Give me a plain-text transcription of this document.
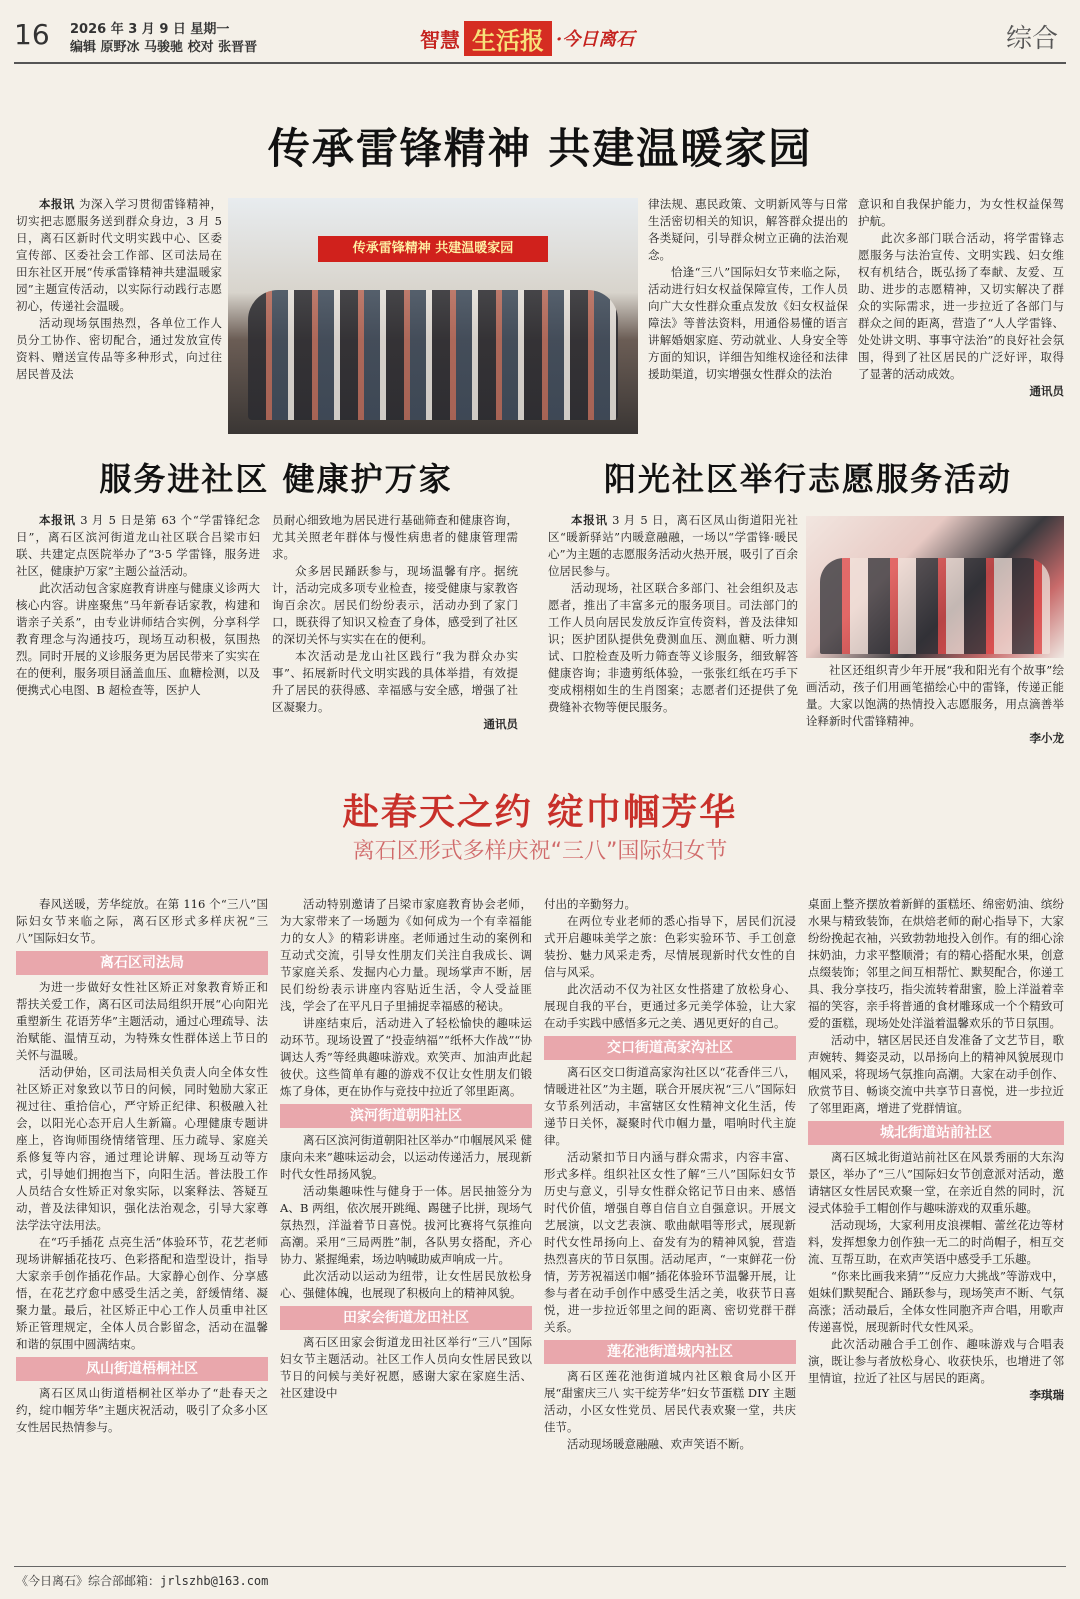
16 2026 年 3 月 9 日 星期一
编辑 原野冰 马骏驰 校对 张晋晋	智慧 生活报 ·今日离石	综合
传承雷锋精神 共建温暖家园

本报讯 为深入学习贯彻雷锋精神，切实把志愿服务送到群众身边，3 月 5 日，离石区新时代文明实践中心、区委宣传部、区委社会工作部、区司法局在田东社区开展“传承雷锋精神共建温暖家园”主题宣传活动，以实际行动践行志愿初心，传递社会温暖。

活动现场氛围热烈，各单位工作人员分工协作、密切配合，通过发放宣传资料、赠送宣传品等多种形式，向过往居民普及法

传承雷锋精神 共建温暖家园

律法规、惠民政策、文明新风等与日常生活密切相关的知识，解答群众提出的各类疑问，引导群众树立正确的法治观念。

恰逢“三八”国际妇女节来临之际，活动进行妇女权益保障宣传，工作人员向广大女性群众重点发放《妇女权益保障法》等普法资料，用通俗易懂的语言讲解婚姻家庭、劳动就业、人身安全等方面的知识，详细告知维权途径和法律援助渠道，切实增强女性群众的法治

意识和自我保护能力，为女性权益保驾护航。

此次多部门联合活动，将学雷锋志愿服务与法治宣传、文明实践、妇女维权有机结合，既弘扬了奉献、友爱、互助、进步的志愿精神，又切实解决了群众的实际需求，进一步拉近了各部门与群众之间的距离，营造了“人人学雷锋、处处讲文明、事事守法治”的良好社会氛围，得到了社区居民的广泛好评，取得了显著的活动成效。

通讯员
服务进社区 健康护万家

本报讯 3 月 5 日是第 63 个“学雷锋纪念日”，离石区滨河街道龙山社区联合吕梁市妇联、共建定点医院举办了“3·5 学雷锋，服务进社区，健康护万家”主题公益活动。

此次活动包含家庭教育讲座与健康义诊两大核心内容。讲座聚焦“马年新春话家教，构建和谐亲子关系”，由专业讲师结合实例，分享科学教育理念与沟通技巧，现场互动积极，氛围热烈。同时开展的义诊服务更为居民带来了实实在在的便利，服务项目涵盖血压、血糖检测，以及便携式心电图、B 超检查等，医护人

员耐心细致地为居民进行基础筛查和健康咨询，尤其关照老年群体与慢性病患者的健康管理需求。

众多居民踊跃参与，现场温馨有序。据统计，活动完成多项专业检查，接受健康与家教咨询百余次。居民们纷纷表示，活动办到了家门口，既获得了知识又检查了身体，感受到了社区的深切关怀与实实在在的便利。

本次活动是龙山社区践行“我为群众办实事”、拓展新时代文明实践的具体举措，有效提升了居民的获得感、幸福感与安全感，增强了社区凝聚力。

通讯员
阳光社区举行志愿服务活动

本报讯 3 月 5 日，离石区凤山街道阳光社区“暖新驿站”内暖意融融，一场以“学雷锋·暖民心”为主题的志愿服务活动火热开展，吸引了百余位居民参与。

活动现场，社区联合多部门、社会组织及志愿者，推出了丰富多元的服务项目。司法部门的工作人员向居民发放反诈宣传资料，普及法律知识；医护团队提供免费测血压、测血糖、听力测试、口腔检查及听力筛查等义诊服务，细致解答健康咨询；非遗剪纸体验，一张张红纸在巧手下变成栩栩如生的生肖图案；志愿者们还提供了免费缝补衣物等便民服务。

社区还组织青少年开展“我和阳光有个故事”绘画活动，孩子们用画笔描绘心中的雷锋，传递正能量。大家以饱满的热情投入志愿服务，用点滴善举诠释新时代雷锋精神。

李小龙
赴春天之约 绽巾帼芳华
离石区形式多样庆祝“三八”国际妇女节

春风送暖，芳华绽放。在第 116 个“三八”国际妇女节来临之际，离石区形式多样庆祝“三八”国际妇女节。

离石区司法局

为进一步做好女性社区矫正对象教育矫正和帮扶关爱工作，离石区司法局组织开展“心向阳光 重塑新生 花语芳华”主题活动，通过心理疏导、法治赋能、温情互动，为特殊女性群体送上节日的关怀与温暖。

活动伊始，区司法局相关负责人向全体女性社区矫正对象致以节日的问候，同时勉励大家正视过往、重拾信心，严守矫正纪律、积极融入社会，以阳光心态开启人生新篇。心理健康专题讲座上，咨询师围绕情绪管理、压力疏导、家庭关系修复等内容，通过理论讲解、现场互动等方式，引导她们拥抱当下，向阳生活。普法股工作人员结合女性矫正对象实际，以案释法、答疑互动，普及法律知识，强化法治观念，引导大家尊法学法守法用法。

在“巧手插花 点亮生活”体验环节，花艺老师现场讲解插花技巧、色彩搭配和造型设计，指导大家亲手创作插花作品。大家静心创作、分享感悟，在花艺疗愈中感受生活之美，舒缓情绪、凝聚力量。最后，社区矫正中心工作人员重申社区矫正管理规定，全体人员合影留念，活动在温馨和谐的氛围中圆满结束。

凤山街道梧桐社区

离石区凤山街道梧桐社区举办了“赴春天之约，绽巾帼芳华”主题庆祝活动，吸引了众多小区女性居民热情参与。

活动特别邀请了吕梁市家庭教育协会老师，为大家带来了一场题为《如何成为一个有幸福能力的女人》的精彩讲座。老师通过生动的案例和互动式交流，引导女性朋友们关注自我成长、调节家庭关系、发掘内心力量。现场掌声不断，居民们纷纷表示讲座内容贴近生活，令人受益匪浅，学会了在平凡日子里捕捉幸福感的秘诀。

讲座结束后，活动进入了轻松愉快的趣味运动环节。现场设置了“投壶纳福”“纸杯大作战”“协调达人秀”等经典趣味游戏。欢笑声、加油声此起彼伏。这些简单有趣的游戏不仅让女性朋友们锻炼了身体，更在协作与竞技中拉近了邻里距离。

滨河街道朝阳社区

离石区滨河街道朝阳社区举办“巾帼展风采 健康向未来”趣味运动会，以运动传递活力，展现新时代女性昂扬风貌。

活动集趣味性与健身于一体。居民抽签分为 A、B 两组，依次展开跳绳、踢毽子比拼，现场气氛热烈，洋溢着节日喜悦。拔河比赛将气氛推向高潮。采用“三局两胜”制，各队男女搭配，齐心协力、紧握绳索，场边呐喊助威声响成一片。

此次活动以运动为纽带，让女性居民放松身心、强健体魄，也展现了积极向上的精神风貌。

田家会街道龙田社区

离石区田家会街道龙田社区举行“三八”国际妇女节主题活动。社区工作人员向女性居民致以节日的问候与美好祝愿，感谢大家在家庭生活、社区建设中

付出的辛勤努力。

在两位专业老师的悉心指导下，居民们沉浸式开启趣味美学之旅：色彩实验环节、手工创意装扮、魅力风采走秀，尽情展现新时代女性的自信与风采。

此次活动不仅为社区女性搭建了放松身心、展现自我的平台，更通过多元美学体验，让大家在动手实践中感悟多元之美、遇见更好的自己。

交口街道高家沟社区

离石区交口街道高家沟社区以“花香伴三八，情暖进社区”为主题，联合开展庆祝“三八”国际妇女节系列活动，丰富辖区女性精神文化生活，传递节日关怀，凝聚时代巾帼力量，唱响时代主旋律。

活动紧扣节日内涵与群众需求，内容丰富、形式多样。组织社区女性了解“三八”国际妇女节历史与意义，引导女性群众铭记节日由来、感悟时代价值，增强自尊自信自立自强意识。开展文艺展演，以文艺表演、歌曲献唱等形式，展现新时代女性昂扬向上、奋发有为的精神风貌，营造热烈喜庆的节日氛围。活动尾声，“一束鲜花一份情，芳芳祝福送巾帼”插花体验环节温馨开展，让参与者在动手创作中感受生活之美，收获节日喜悦，进一步拉近邻里之间的距离、密切党群干群关系。

莲花池街道城内社区

离石区莲花池街道城内社区粮食局小区开展“甜蜜庆三八 实干绽芳华”妇女节蛋糕 DIY 主题活动，小区女性党员、居民代表欢聚一堂，共庆佳节。

活动现场暖意融融、欢声笑语不断。

桌面上整齐摆放着新鲜的蛋糕坯、绵密奶油、缤纷水果与精致装饰，在烘焙老师的耐心指导下，大家纷纷挽起衣袖，兴致勃勃地投入创作。有的细心涂抹奶油，力求平整顺滑；有的精心搭配水果，创意点缀装饰；邻里之间互相帮忙、默契配合，你递工具、我分享技巧，指尖流转着甜蜜，脸上洋溢着幸福的笑容，亲手将普通的食材雕琢成一个个精致可爱的蛋糕，现场处处洋溢着温馨欢乐的节日氛围。

活动中，辖区居民还自发准备了文艺节目，歌声婉转、舞姿灵动，以昂扬向上的精神风貌展现巾帼风采，将现场气氛推向高潮。大家在动手创作、欣赏节目、畅谈交流中共享节日喜悦，进一步拉近了邻里距离，增进了党群情谊。

城北街道站前社区

离石区城北街道站前社区在风景秀丽的大东沟景区，举办了“三八”国际妇女节创意派对活动，邀请辖区女性居民欢聚一堂，在亲近自然的同时，沉浸式体验手工帽创作与趣味游戏的双重乐趣。

活动现场，大家利用皮浪裸帽、蕾丝花边等材料，发挥想象力创作独一无二的时尚帽子，相互交流、互帮互助，在欢声笑语中感受手工乐趣。

“你来比画我来猜”“反应力大挑战”等游戏中，姐妹们默契配合、踊跃参与，现场笑声不断、气氛高涨；活动最后，全体女性同胞齐声合唱，用歌声传递喜悦，展现新时代女性风采。

此次活动融合手工创作、趣味游戏与合唱表演，既让参与者放松身心、收获快乐，也增进了邻里情谊，拉近了社区与居民的距离。

李琪瑞
《今日离石》综合部邮箱：jrlszhb@163.com
